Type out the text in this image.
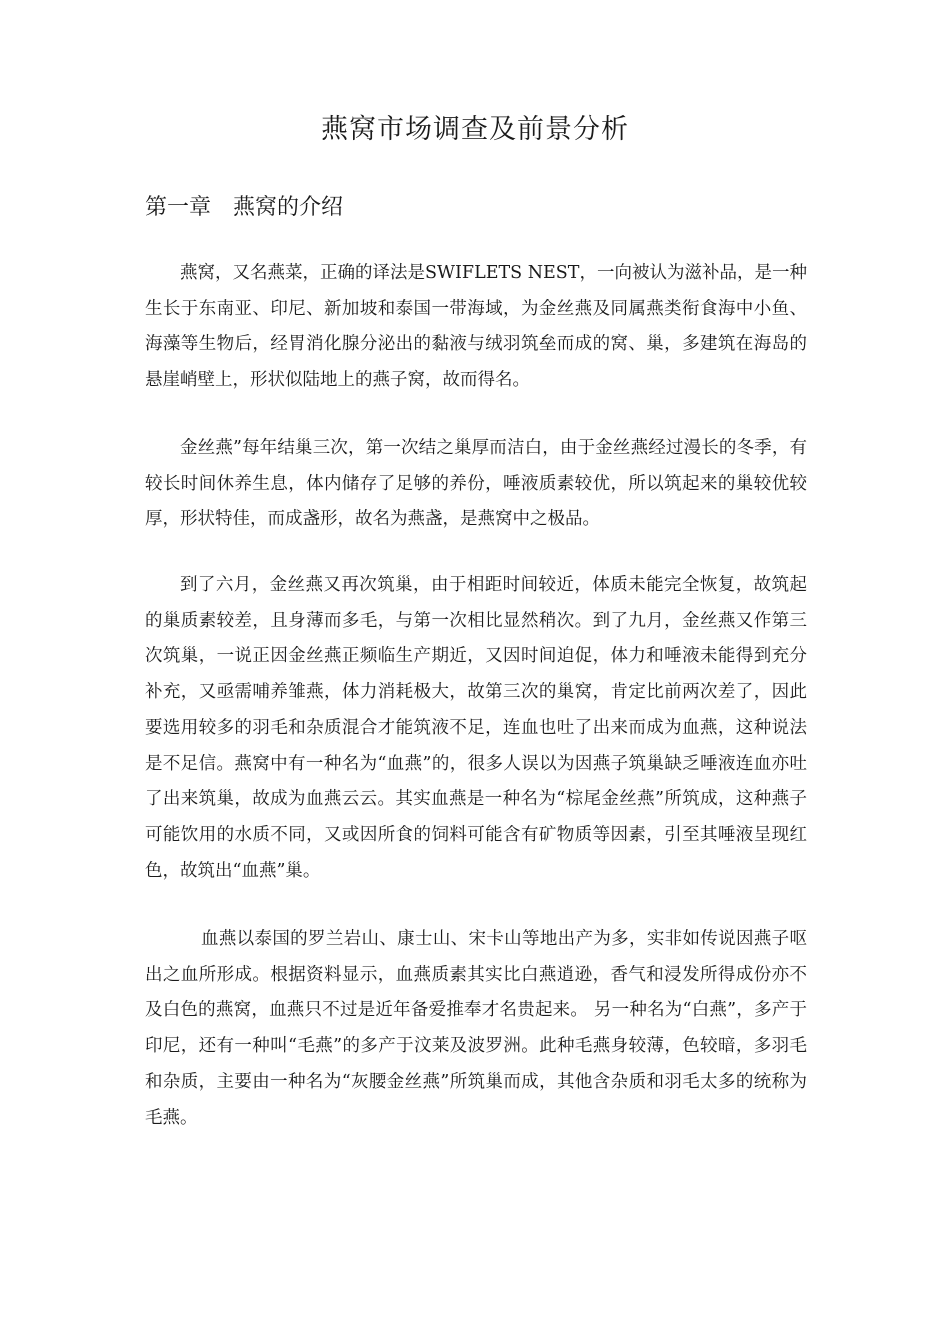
燕窝市场调查及前景分析
第一章　燕窝的介绍

燕窝，又名燕菜，正确的译法是SWIFLETS NEST，一向被认为滋补品，是一种生长于东南亚、印尼、新加坡和泰国一带海域，为金丝燕及同属燕类衔食海中小鱼、海藻等生物后，经胃消化腺分泌出的黏液与绒羽筑垒而成的窝、巢，多建筑在海岛的悬崖峭壁上，形状似陆地上的燕子窝，故而得名。

金丝燕”每年结巢三次，第一次结之巢厚而洁白，由于金丝燕经过漫长的冬季，有较长时间休养生息，体内储存了足够的养份，唾液质素较优，所以筑起来的巢较优较厚，形状特佳，而成盏形，故名为燕盏，是燕窝中之极品。

到了六月，金丝燕又再次筑巢，由于相距时间较近，体质未能完全恢复，故筑起的巢质素较差，且身薄而多毛，与第一次相比显然稍次。到了九月，金丝燕又作第三次筑巢，一说正因金丝燕正频临生产期近，又因时间迫促，体力和唾液未能得到充分补充，又亟需哺养雏燕，体力消耗极大，故第三次的巢窝，肯定比前两次差了，因此要选用较多的羽毛和杂质混合才能筑液不足，连血也吐了出来而成为血燕，这种说法是不足信。燕窝中有一种名为“血燕”的，很多人误以为因燕子筑巢缺乏唾液连血亦吐了出来筑巢，故成为血燕云云。其实血燕是一种名为“棕尾金丝燕”所筑成，这种燕子可能饮用的水质不同，又或因所食的饲料可能含有矿物质等因素，引至其唾液呈现红色，故筑出“血燕”巢。

血燕以泰国的罗兰岩山、康士山、宋卡山等地出产为多，实非如传说因燕子呕出之血所形成。根据资料显示，血燕质素其实比白燕逍逊，香气和浸发所得成份亦不及白色的燕窝，血燕只不过是近年备爱推奉才名贵起来。 另一种名为“白燕”，多产于印尼，还有一种叫“毛燕”的多产于汶莱及波罗洲。此种毛燕身较薄，色较暗，多羽毛和杂质，主要由一种名为“灰腰金丝燕”所筑巢而成，其他含杂质和羽毛太多的统称为毛燕。
